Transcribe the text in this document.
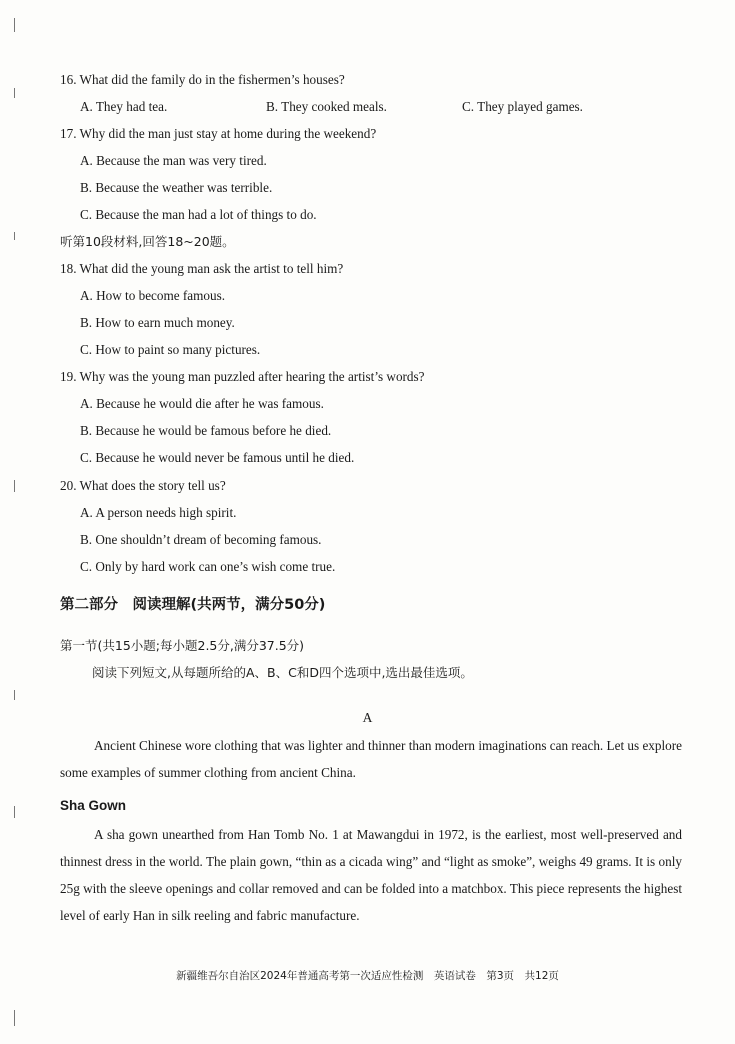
16. What did the family do in the fishermen’s houses?
A. They had tea.	B. They cooked meals.	C. They played games.
17. Why did the man just stay at home during the weekend?
A. Because the man was very tired.
B. Because the weather was terrible.
C. Because the man had a lot of things to do.
听第10段材料,回答18~20题。
18. What did the young man ask the artist to tell him?
A. How to become famous.
B. How to earn much money.
C. How to paint so many pictures.
19. Why was the young man puzzled after hearing the artist’s words?
A. Because he would die after he was famous.
B. Because he would be famous before he died.
C. Because he would never be famous until he died.
20. What does the story tell us?
A. A person needs high spirit.
B. One shouldn’t dream of becoming famous.
C. Only by hard work can one’s wish come true.
第二部分　阅读理解(共两节，满分50分)
第一节(共15小题;每小题2.5分,满分37.5分)
阅读下列短文,从每题所给的A、B、C和D四个选项中,选出最佳选项。
A
Ancient Chinese wore clothing that was lighter and thinner than modern imaginations can reach. Let us explore some examples of summer clothing from ancient China.
Sha Gown
A sha gown unearthed from Han Tomb No. 1 at Mawangdui in 1972, is the earliest, most well-preserved and thinnest dress in the world. The plain gown, “thin as a cicada wing” and “light as smoke”, weighs 49 grams. It is only 25g with the sleeve openings and collar removed and can be folded into a matchbox. This piece represents the highest level of early Han in silk reeling and fabric manufacture.
新疆维吾尔自治区2024年普通高考第一次适应性检测　英语试卷　第3页　共12页
